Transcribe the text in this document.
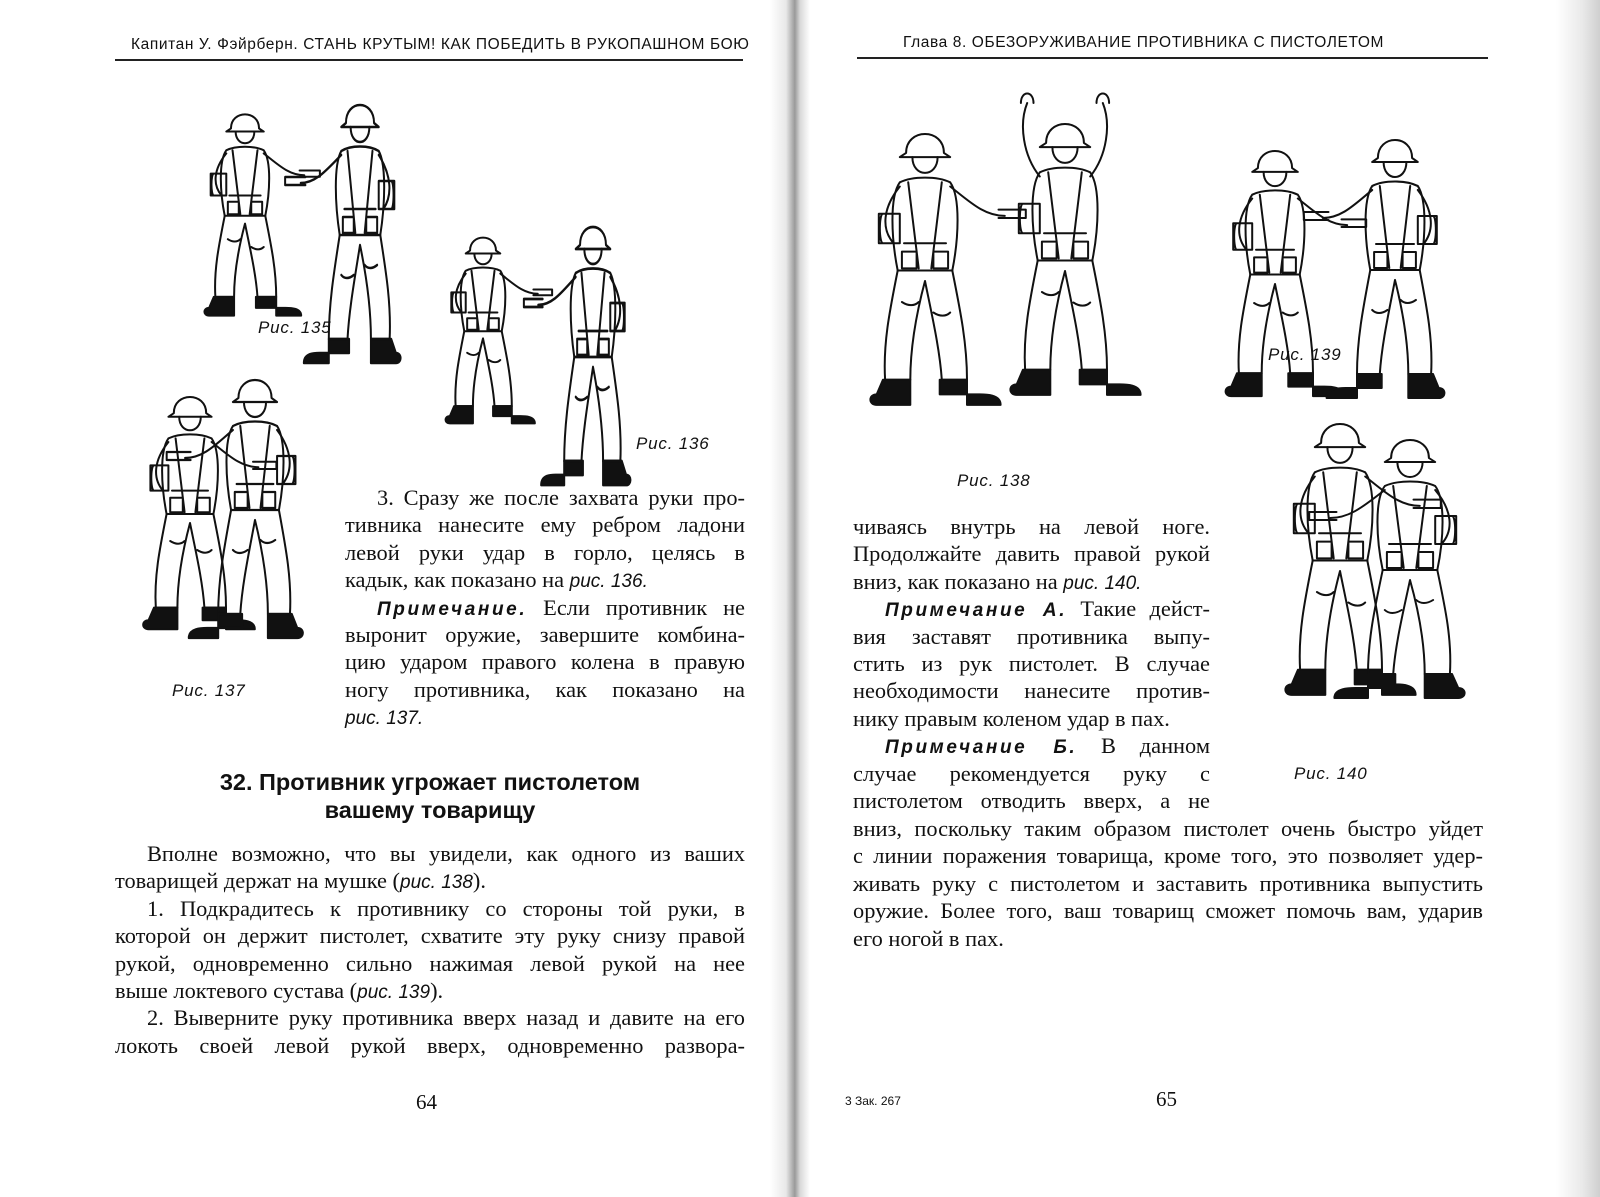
Капитан У. Фэйрберн. СТАНЬ КРУТЫМ! КАК ПОБЕДИТЬ В РУКОПАШНОМ БОЮ
Рис. 135
Рис. 136
Рис. 137
3. Сразу же после захвата руки про-
тивника нанесите ему ребром ладони
левой руки удар в горло, целясь в
кадык, как показано на рис. 136.
Примечание. Если противник не
выронит оружие, завершите комбина-
цию ударом правого колена в правую
ногу противника, как показано на
рис. 137.
32. Противник угрожает пистолетом
вашему товарищу
Вполне возможно, что вы увидели, как одного из ваших
товарищей держат на мушке (рис. 138).
1. Подкрадитесь к противнику со стороны той руки, в
которой он держит пистолет, схватите эту руку снизу правой
рукой, одновременно сильно нажимая левой рукой на нее
выше локтевого сустава (рис. 139).
2. Выверните руку противника вверх назад и давите на его
локоть своей левой рукой вверх, одновременно развора-
64
Глава 8. ОБЕЗОРУЖИВАНИЕ ПРОТИВНИКА С ПИСТОЛЕТОМ
Рис. 138
Рис. 139
Рис. 140
чиваясь внутрь на левой ноге.
Продолжайте давить правой рукой
вниз, как показано на рис. 140.
Примечание А. Такие дейст-
вия заставят противника выпу-
стить из рук пистолет. В случае
необходимости нанесите против-
нику правым коленом удар в пах.
Примечание Б. В данном
случае рекомендуется руку с
пистолетом отводить вверх, а не
вниз, поскольку таким образом пистолет очень быстро уйдет
с линии поражения товарища, кроме того, это позволяет удер-
живать руку с пистолетом и заставить противника выпустить
оружие. Более того, ваш товарищ сможет помочь вам, ударив
его ногой в пах.
3 Зак. 267	65
